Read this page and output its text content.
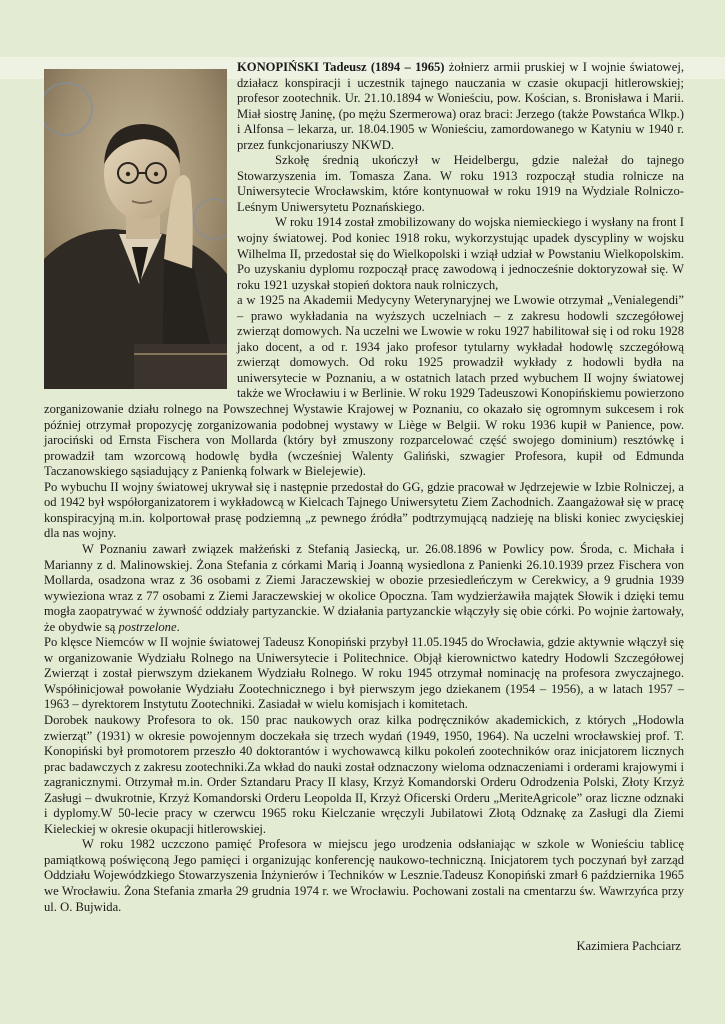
KONOPIŃSKI Tadeusz (1894 – 1965) żołnierz armii pruskiej w I wojnie światowej, działacz konspiracji i uczestnik tajnego nauczania w czasie okupacji hitlerowskiej; profesor zootechnik. Ur. 21.10.1894 w Wonieściu, pow. Kościan, s. Bronisława i Marii. Miał siostrę Janinę, (po mężu Szermerowa) oraz braci: Jerzego (także Powstańca Wlkp.) i Alfonsa – lekarza, ur. 18.04.1905 w Wonieściu, zamordowanego w Katyniu w 1940 r. przez funkcjonariuszy NKWD.

Szkołę średnią ukończył w Heidelbergu, gdzie należał do tajnego Stowarzyszenia im. Tomasza Zana. W roku 1913 rozpoczął studia rolnicze na Uniwersytecie Wrocławskim, które kontynuował w roku 1919 na Wydziale Rolniczo-Leśnym Uniwersytetu Poznańskiego.

W roku 1914 został zmobilizowany do wojska niemieckiego i wysłany na front I wojny światowej. Pod koniec 1918 roku, wykorzystując upadek dyscypliny w wojsku Wilhelma II, przedostał się do Wielkopolski i wziął udział w Powstaniu Wielkopolskim. Po uzyskaniu dyplomu rozpoczął pracę zawodową i jednocześnie doktoryzował się. W roku 1921 uzyskał stopień doktora nauk rolniczych,

a w 1925 na Akademii Medycyny Weterynaryjnej we Lwowie otrzymał „Venialegendi” – prawo wykładania na wyższych uczelniach – z zakresu hodowli szczegółowej zwierząt domowych. Na uczelni we Lwowie w roku 1927 habilitował się i od roku 1928 jako docent, a od r. 1934 jako profesor tytularny wykładał hodowlę szczegółową zwierząt domowych. Od roku 1925 prowadził wykłady z hodowli bydła na uniwersytecie w Poznaniu, a w ostatnich latach przed wybuchem II wojny światowej także we Wrocławiu i w Berlinie. W roku 1929 Tadeuszowi Konopińskiemu powierzono zorganizowanie działu rolnego na Powszechnej Wystawie Krajowej w Poznaniu, co okazało się ogromnym sukcesem i rok później otrzymał propozycję zorganizowania podobnej wystawy w Liège w Belgii. W roku 1936 kupił w Panience, pow. jarociński od Ernsta Fischera von Mollarda (który był zmuszony rozparcelować część swojego dominium) resztówkę i prowadził tam wzorcową hodowlę bydła (wcześniej Walenty Galiński, szwagier Profesora, kupił od Edmunda Taczanowskiego sąsiadujący z Panienką folwark w Bielejewie).

Po wybuchu II wojny światowej ukrywał się i następnie przedostał do GG, gdzie pracował w Jędrzejewie w Izbie Rolniczej, a od 1942 był współorganizatorem i wykładowcą w Kielcach Tajnego Uniwersytetu Ziem Zachodnich. Zaangażował się w pracę konspiracyjną m.in. kolportował prasę podziemną „z pewnego źródła” podtrzymującą nadzieję na bliski koniec zwycięskiej dla nas wojny.

W Poznaniu zawarł związek małżeński z Stefanią Jasiecką, ur. 26.08.1896 w Powlicy pow. Środa, c. Michała i Marianny z d. Malinowskiej. Żona Stefania z córkami Marią i Joanną wysiedlona z Panienki 26.10.1939 przez Fischera von Mollarda, osadzona wraz z 36 osobami z Ziemi Jaraczewskiej w obozie przesiedleńczym w Cerekwicy, a 9 grudnia 1939 wywieziona wraz z 77 osobami z Ziemi Jaraczewskiej w okolice Opoczna. Tam wydzierżawiła majątek Słowik i dzięki temu mogła zaopatrywać w żywność oddziały partyzanckie. W działania partyzanckie włączyły się obie córki. Po wojnie żartowały, że obydwie są postrzelone.

Po klęsce Niemców w II wojnie światowej Tadeusz Konopiński przybył 11.05.1945 do Wrocławia, gdzie aktywnie włączył się w organizowanie Wydziału Rolnego na Uniwersytecie i Politechnice. Objął kierownictwo katedry Hodowli Szczegółowej Zwierząt i został pierwszym dziekanem Wydziału Rolnego. W roku 1945 otrzymał nominację na profesora zwyczajnego. Współinicjował powołanie Wydziału Zootechnicznego i był pierwszym jego dziekanem (1954 – 1956), a w latach 1957 – 1963 – dyrektorem Instytutu Zootechniki. Zasiadał w wielu komisjach i komitetach.

Dorobek naukowy Profesora to ok. 150 prac naukowych oraz kilka podręczników akademickich, z których „Hodowla zwierząt” (1931) w okresie powojennym doczekała się trzech wydań (1949, 1950, 1964). Na uczelni wrocławskiej prof. T. Konopiński był promotorem przeszło 40 doktorantów i wychowawcą kilku pokoleń zootechników oraz inicjatorem licznych prac badawczych z zakresu zootechniki.Za wkład do nauki został odznaczony wieloma odznaczeniami i orderami krajowymi i zagranicznymi. Otrzymał m.in. Order Sztandaru Pracy II klasy, Krzyż Komandorski Orderu Odrodzenia Polski, Złoty Krzyż Zasługi – dwukrotnie, Krzyż Komandorski Orderu Leopolda II, Krzyż Oficerski Orderu „MeriteAgricole” oraz liczne odznaki i dyplomy.W 50-lecie pracy w czerwcu 1965 roku Kielczanie wręczyli Jubilatowi Złotą Odznakę za Zasługi dla Ziemi Kieleckiej w okresie okupacji hitlerowskiej.

W roku 1982 uczczono pamięć Profesora w miejscu jego urodzenia odsłaniając w szkole w Wonieściu tablicę pamiątkową poświęconą Jego pamięci i organizując konferencję naukowo-techniczną. Inicjatorem tych poczynań był zarząd Oddziału Wojewódzkiego Stowarzyszenia Inżynierów i Techników w Lesznie.Tadeusz Konopiński zmarł 6 października 1965 we Wrocławiu. Żona Stefania zmarła 29 grudnia 1974 r. we Wrocławiu. Pochowani zostali na cmentarzu św. Wawrzyńca przy ul. O. Bujwida.

Kazimiera Pachciarz
